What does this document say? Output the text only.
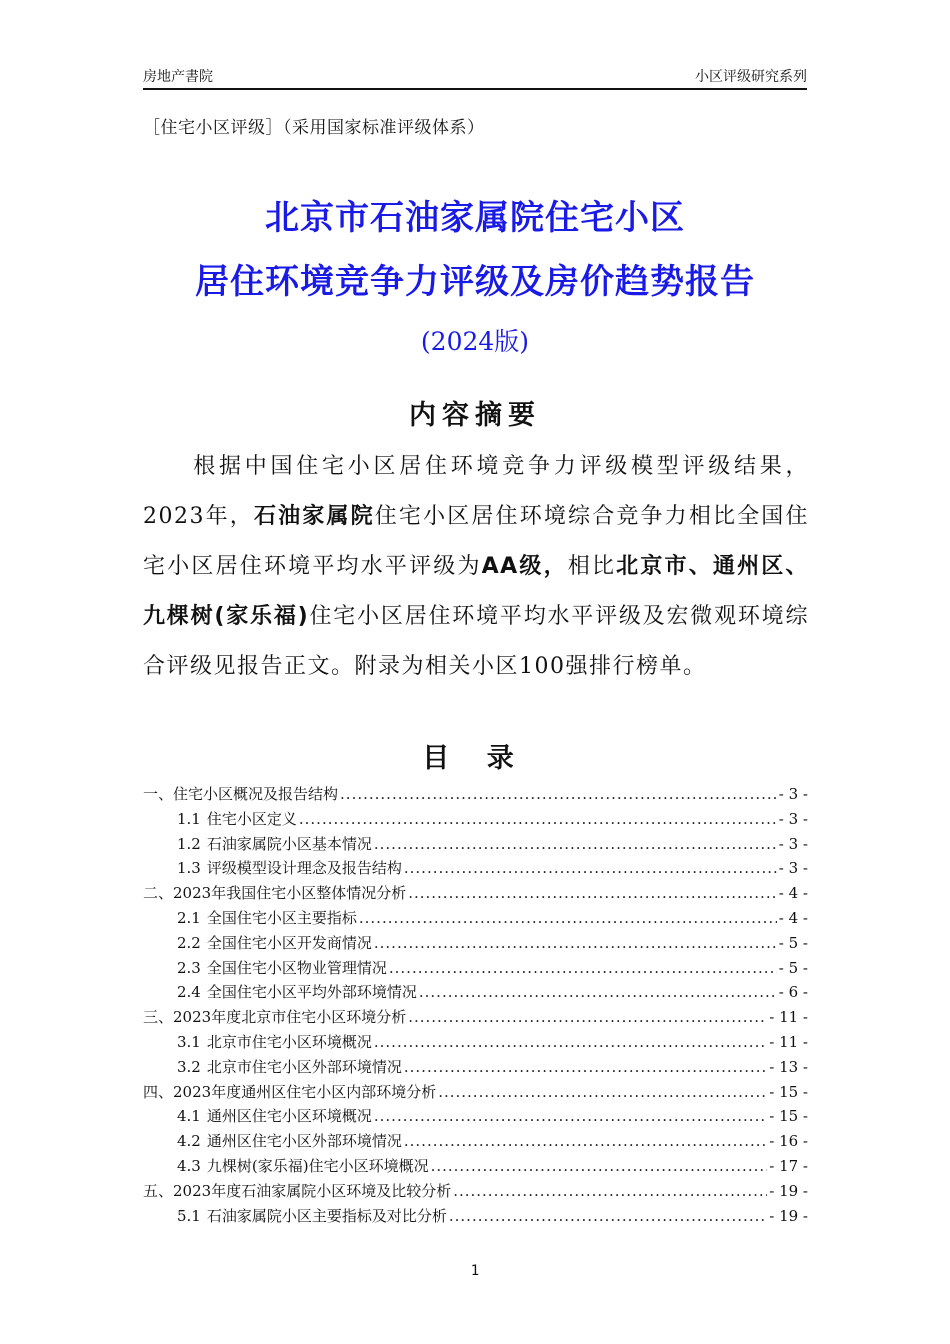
房地产書院	小区评级研究系列
［住宅小区评级］（采用国家标准评级体系）
北京市石油家属院住宅小区
居住环境竞争力评级及房价趋势报告
(2024版)
内容摘要
根据中国住宅小区居住环境竞争力评级模型评级结果，2023年，石油家属院住宅小区居住环境综合竞争力相比全国住宅小区居住环境平均水平评级为AA级，相比北京市、通州区、九棵树(家乐福)住宅小区居住环境平均水平评级及宏微观环境综合评级见报告正文。附录为相关小区100强排行榜单。
目 录
一、 住宅小区概况及报告结构 .....	- 3 -
1.1 住宅小区定义 .....	- 3 -
1.2 石油家属院小区基本情况 .....	- 3 -
1.3 评级模型设计理念及报告结构 .....	- 3 -
二、 2023年我国住宅小区整体情况分析 .....	- 4 -
2.1 全国住宅小区主要指标 .....	- 4 -
2.2 全国住宅小区开发商情况 .....	- 5 -
2.3 全国住宅小区物业管理情况 .....	- 5 -
2.4 全国住宅小区平均外部环境情况 .....	- 6 -
三、 2023年度北京市住宅小区环境分析 .....	- 11 -
3.1 北京市住宅小区环境概况 .....	- 11 -
3.2 北京市住宅小区外部环境情况 .....	- 13 -
四、 2023年度通州区住宅小区内部环境分析 .....	- 15 -
4.1 通州区住宅小区环境概况 .....	- 15 -
4.2 通州区住宅小区外部环境情况 .....	- 16 -
4.3 九棵树(家乐福)住宅小区环境概况 .....	- 17 -
五、 2023年度石油家属院小区环境及比较分析 .....	- 19 -
5.1 石油家属院小区主要指标及对比分析 .....	- 19 -
1
